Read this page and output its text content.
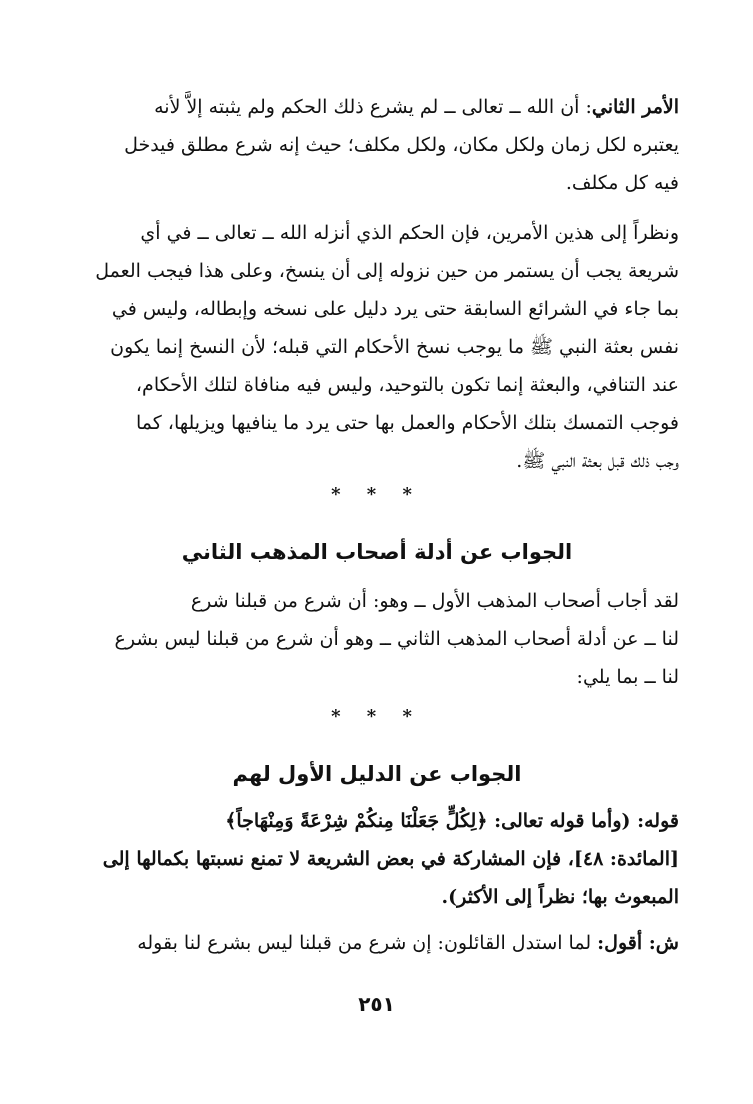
الأمر الثاني: أن الله ــ تعالى ــ لم يشرع ذلك الحكم ولم يثبته إلاَّ لأنه
يعتبره لكل زمان ولكل مكان، ولكل مكلف؛ حيث إنه شرع مطلق فيدخل
فيه كل مكلف.
ونظراً إلى هذين الأمرين، فإن الحكم الذي أنزله الله ــ تعالى ــ في أي
شريعة يجب أن يستمر من حين نزوله إلى أن ينسخ، وعلى هذا فيجب العمل
بما جاء في الشرائع السابقة حتى يرد دليل على نسخه وإبطاله، وليس في
نفس بعثة النبي ﷺ ما يوجب نسخ الأحكام التي قبله؛ لأن النسخ إنما يكون
عند التنافي، والبعثة إنما تكون بالتوحيد، وليس فيه منافاة لتلك الأحكام،
فوجب التمسك بتلك الأحكام والعمل بها حتى يرد ما ينافيها ويزيلها، كما
وجب ذلك قبل بعثة النبي ﷺ.
* * *
الجواب عن أدلة أصحاب المذهب الثاني
لقد أجاب أصحاب المذهب الأول ــ وهو: أن شرع من قبلنا شرع
لنا ــ عن أدلة أصحاب المذهب الثاني ــ وهو أن شرع من قبلنا ليس بشرع
لنا ــ بما يلي:
* * *
الجواب عن الدليل الأول لهم
قوله: (وأما قوله تعالى: ﴿لِكُلٍّ جَعَلْنَا مِنكُمْ شِرْعَةً وَمِنْهَاجاً﴾
[المائدة: ٤٨]، فإن المشاركة في بعض الشريعة لا تمنع نسبتها بكمالها إلى
المبعوث بها؛ نظراً إلى الأكثر).
ش: أقول: لما استدل القائلون: إن شرع من قبلنا ليس بشرع لنا بقوله
٢٥١
